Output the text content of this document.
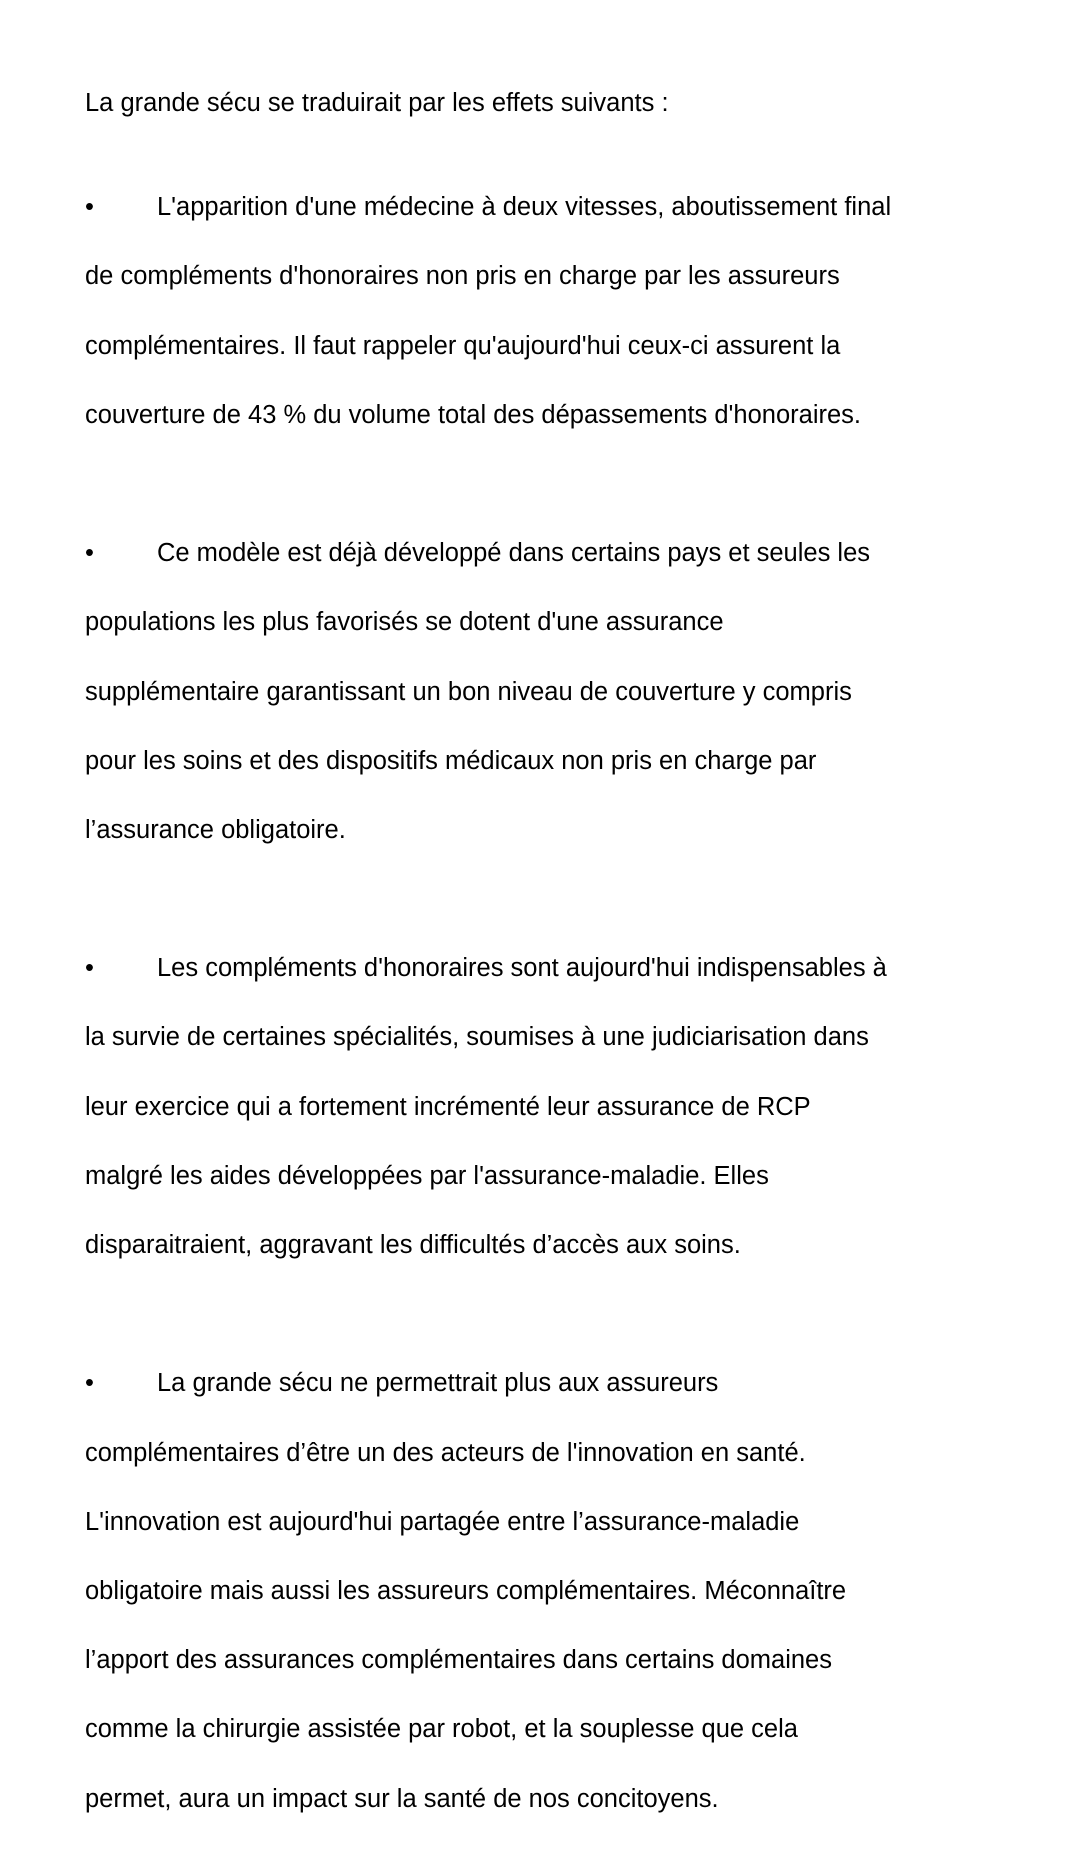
La grande sécu se traduirait par les effets suivants :

• L'apparition d'une médecine à deux vitesses, aboutissement final

de compléments d'honoraires non pris en charge par les assureurs

complémentaires. Il faut rappeler qu'aujourd'hui ceux-ci assurent la

couverture de 43 % du volume total des dépassements d'honoraires.

• Ce modèle est déjà développé dans certains pays et seules les

populations les plus favorisés se dotent d'une assurance

supplémentaire garantissant un bon niveau de couverture y compris

pour les soins et des dispositifs médicaux non pris en charge par

l’assurance obligatoire.

• Les compléments d'honoraires sont aujourd'hui indispensables à

la survie de certaines spécialités, soumises à une judiciarisation dans

leur exercice qui a fortement incrémenté leur assurance de RCP

malgré les aides développées par l'assurance-maladie. Elles

disparaitraient, aggravant les difficultés d’accès aux soins.

• La grande sécu ne permettrait plus aux assureurs

complémentaires d’être un des acteurs de l'innovation en santé.

L'innovation est aujourd'hui partagée entre l’assurance-maladie

obligatoire mais aussi les assureurs complémentaires. Méconnaître

l’apport des assurances complémentaires dans certains domaines

comme la chirurgie assistée par robot, et la souplesse que cela

permet, aura un impact sur la santé de nos concitoyens.
